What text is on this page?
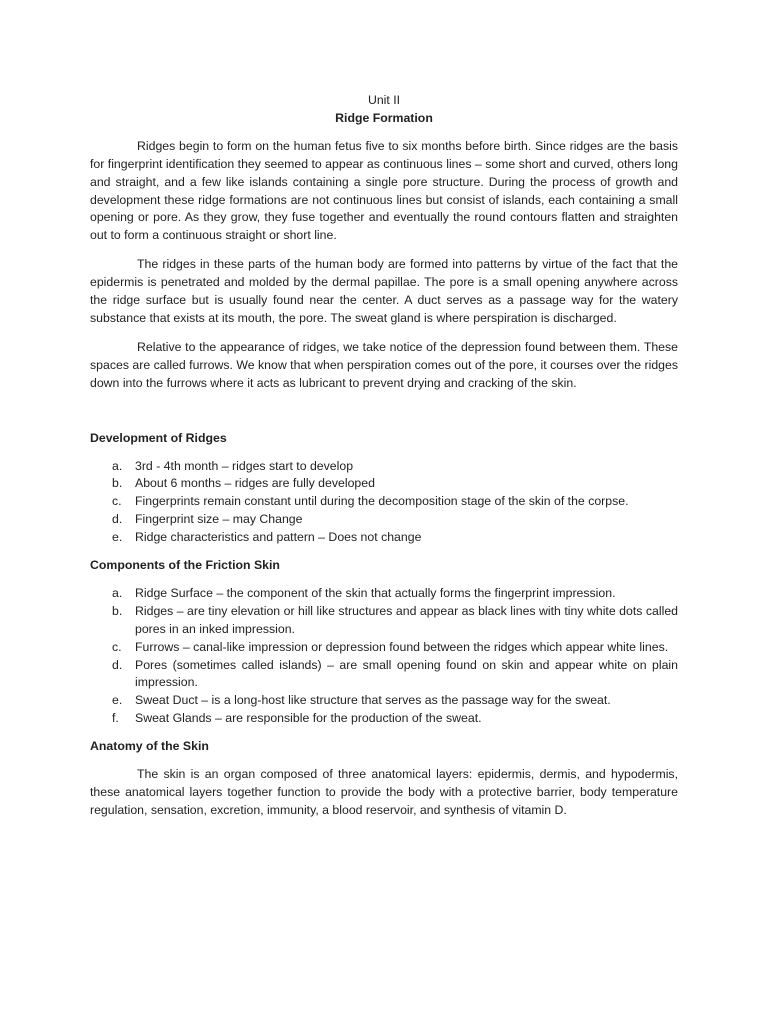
Unit II

Ridge Formation

Ridges begin to form on the human fetus five to six months before birth. Since ridges are the basis for fingerprint identification they seemed to appear as continuous lines – some short and curved, others long and straight, and a few like islands containing a single pore structure. During the process of growth and development these ridge formations are not continuous lines but consist of islands, each containing a small opening or pore. As they grow, they fuse together and eventually the round contours flatten and straighten out to form a continuous straight or short line.

The ridges in these parts of the human body are formed into patterns by virtue of the fact that the epidermis is penetrated and molded by the dermal papillae. The pore is a small opening anywhere across the ridge surface but is usually found near the center. A duct serves as a passage way for the watery substance that exists at its mouth, the pore. The sweat gland is where perspiration is discharged.

Relative to the appearance of ridges, we take notice of the depression found between them. These spaces are called furrows. We know that when perspiration comes out of the pore, it courses over the ridges down into the furrows where it acts as lubricant to prevent drying and cracking of the skin.

Development of Ridges
a. 3rd - 4th month – ridges start to develop
b. About 6 months – ridges are fully developed
c. Fingerprints remain constant until during the decomposition stage of the skin of the corpse.
d. Fingerprint size – may Change
e. Ridge characteristics and pattern – Does not change
Components of the Friction Skin
a. Ridge Surface – the component of the skin that actually forms the fingerprint impression.
b. Ridges – are tiny elevation or hill like structures and appear as black lines with tiny white dots called pores in an inked impression.
c. Furrows – canal-like impression or depression found between the ridges which appear white lines.
d. Pores (sometimes called islands) – are small opening found on skin and appear white on plain impression.
e. Sweat Duct – is a long-host like structure that serves as the passage way for the sweat.
f. Sweat Glands – are responsible for the production of the sweat.
Anatomy of the Skin

The skin is an organ composed of three anatomical layers: epidermis, dermis, and hypodermis, these anatomical layers together function to provide the body with a protective barrier, body temperature regulation, sensation, excretion, immunity, a blood reservoir, and synthesis of vitamin D.
